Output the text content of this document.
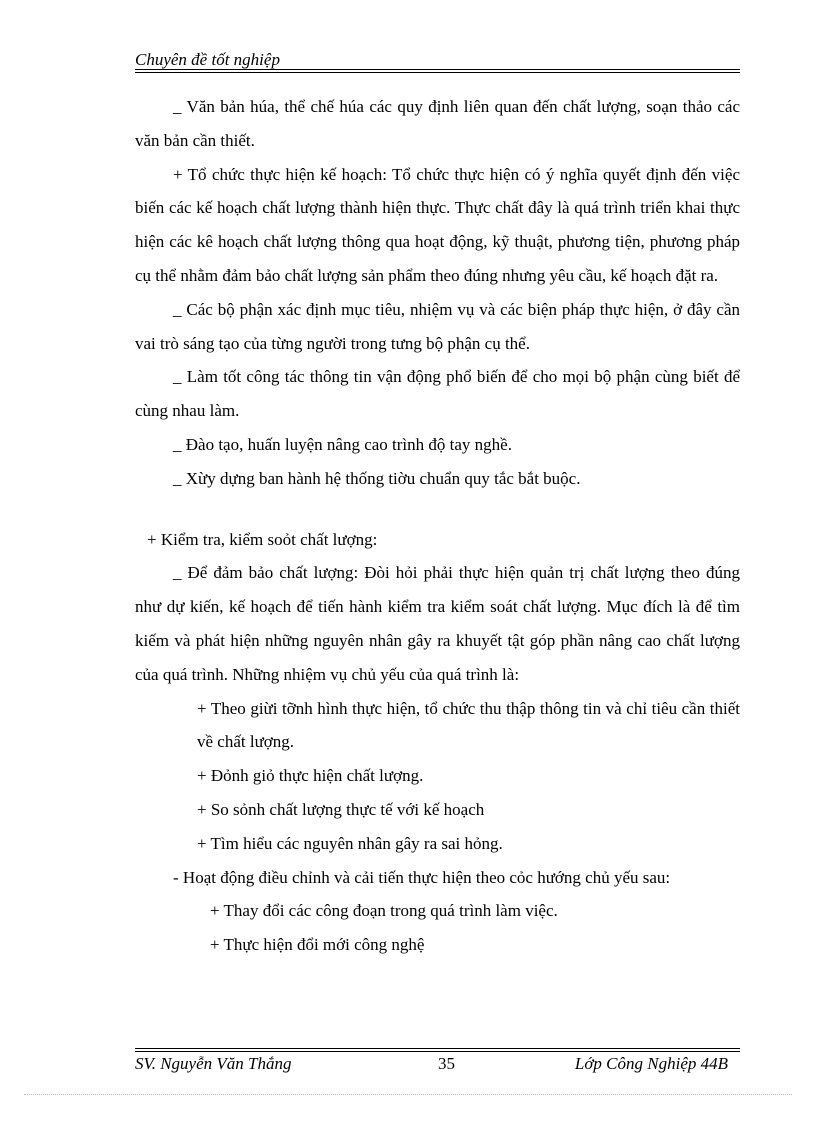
Chuyên đề tốt nghiệp

_ Văn bản húa, thể chế húa các quy định liên quan đến chất lượng, soạn thảo các văn bản cần thiết.

+ Tổ chức thực hiện kế hoạch: Tổ chức thực hiện có ý nghĩa quyết định đến việc biến các kế hoạch chất lượng thành hiện thực. Thực chất đây là quá trình triển khai thực hiện các kê hoạch chất lượng thông qua hoạt động, kỹ thuật, phương tiện, phương pháp cụ thể nhằm đảm bảo chất lượng sản phẩm theo đúng nhưng yêu cầu, kế hoạch đặt ra.

_ Các bộ phận xác định mục tiêu, nhiệm vụ và các biện pháp thực hiện, ở đây cần vai trò sáng tạo của từng người trong tưng bộ phận cụ thể.

_ Làm tốt công tác thông tin vận động phổ biến để cho mọi bộ phận cùng biết để cùng nhau làm.

_ Đào tạo, huấn luyện nâng cao trình độ tay nghề.

_ Xừy dựng ban hành hệ thống tiờu chuẩn quy tắc bắt buộc.

+ Kiểm tra, kiểm soỏt chất lượng:

_ Để đảm bảo chất lượng: Đòi hỏi phải thực hiện quản trị chất lượng theo đúng như dự kiến, kế hoạch để tiến hành kiểm tra kiểm soát chất lượng. Mục đích là để tìm kiếm và phát hiện những nguyên nhân gây ra khuyết tật góp phần nâng cao chất lượng của quá trình. Những nhiệm vụ chủ yếu của quá trình là:

+ Theo giừi tỡnh hình thực hiện, tổ chức thu thập thông tin và chỉ tiêu cần thiết về chất lượng.

+ Đỏnh giỏ thực hiện chất lượng.

+ So sỏnh chất lượng thực tế với kế hoạch

+ Tìm hiểu các nguyên nhân gây ra sai hỏng.

- Hoạt động điều chỉnh và cải tiến thực hiện theo cỏc hướng chủ yếu sau:

+ Thay đổi các công đoạn trong quá trình làm việc.

+ Thực hiện đổi mới công nghệ

SV. Nguyễn Văn Thắng	35	Lớp Công Nghiệp 44B
